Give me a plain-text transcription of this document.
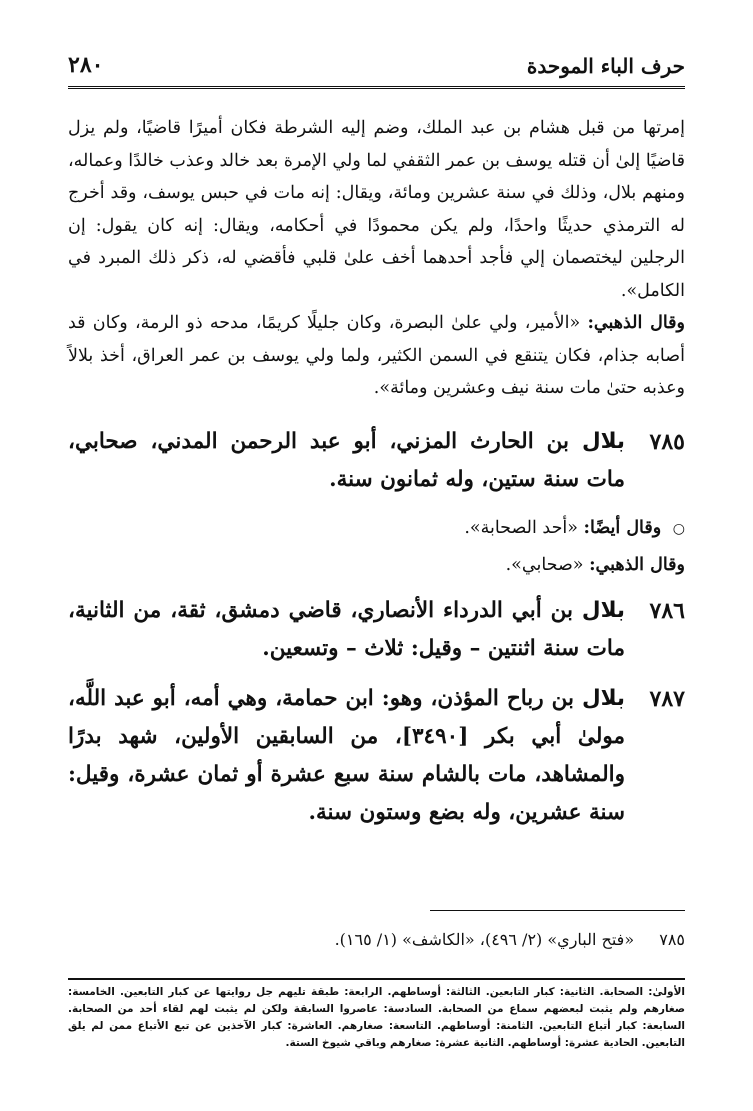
حرف الباء الموحدة
٢٨٠

إمرتها من قبل هشام بن عبد الملك، وضم إليه الشرطة فكان أميرًا قاضيًا، ولم يزل قاضيًا إلىٰ أن قتله يوسف بن عمر الثقفي لما ولي الإمرة بعد خالد وعذب خالدًا وعماله، ومنهم بلال، وذلك في سنة عشرين ومائة، ويقال: إنه مات في حبس يوسف، وقد أخرج له الترمذي حديثًا واحدًا، ولم يكن محمودًا في أحكامه، ويقال: إنه كان يقول: إن الرجلين ليختصمان إلي فأجد أحدهما أخف علىٰ قلبي فأقضي له، ذكر ذلك المبرد في الكامل».

وقال الذهبي: «الأمير، ولي علىٰ البصرة، وكان جليلًا كريمًا، مدحه ذو الرمة، وكان قد أصابه جذام، فكان يتنقع في السمن الكثير، ولما ولي يوسف بن عمر العراق، أخذ بلالاً وعذبه حتىٰ مات سنة نيف وعشرين ومائة».

٧٨٥
بلال بن الحارث المزني، أبو عبد الرحمن المدني، صحابي، مات سنة ستين، وله ثمانون سنة.

○ وقال أيضًا: «أحد الصحابة».

وقال الذهبي: «صحابي».

٧٨٦
بلال بن أبي الدرداء الأنصاري، قاضي دمشق، ثقة، من الثانية، مات سنة اثنتين – وقيل: ثلاث – وتسعين.
٧٨٧
بلال بن رباح المؤذن، وهو: ابن حمامة، وهي أمه، أبو عبد اللَّه، مولىٰ أبي بكر [٣٤٩٠]، من السابقين الأولين، شهد بدرًا والمشاهد، مات بالشام سنة سبع عشرة أو ثمان عشرة، وقيل: سنة عشرين، وله بضع وستون سنة.
٧٨٥ «فتح الباري» (٢/ ٤٩٦)، «الكاشف» (١/ ١٦٥).
الأولىٰ: الصحابة. الثانية: كبار التابعين. الثالثة: أوساطهم. الرابعة: طبقة تليهم جل روايتها عن كبار التابعين. الخامسة: صغارهم ولم يثبت لبعضهم سماع من الصحابة. السادسة: عاصروا السابقة ولكن لم يثبت لهم لقاء أحد من الصحابة. السابعة: كبار أتباع التابعين. الثامنة: أوساطهم. التاسعة: صغارهم. العاشرة: كبار الآخذين عن تبع الأتباع ممن لم يلق التابعين. الحادية عشرة: أوساطهم. الثانية عشرة: صغارهم وباقي شيوخ الستة.
